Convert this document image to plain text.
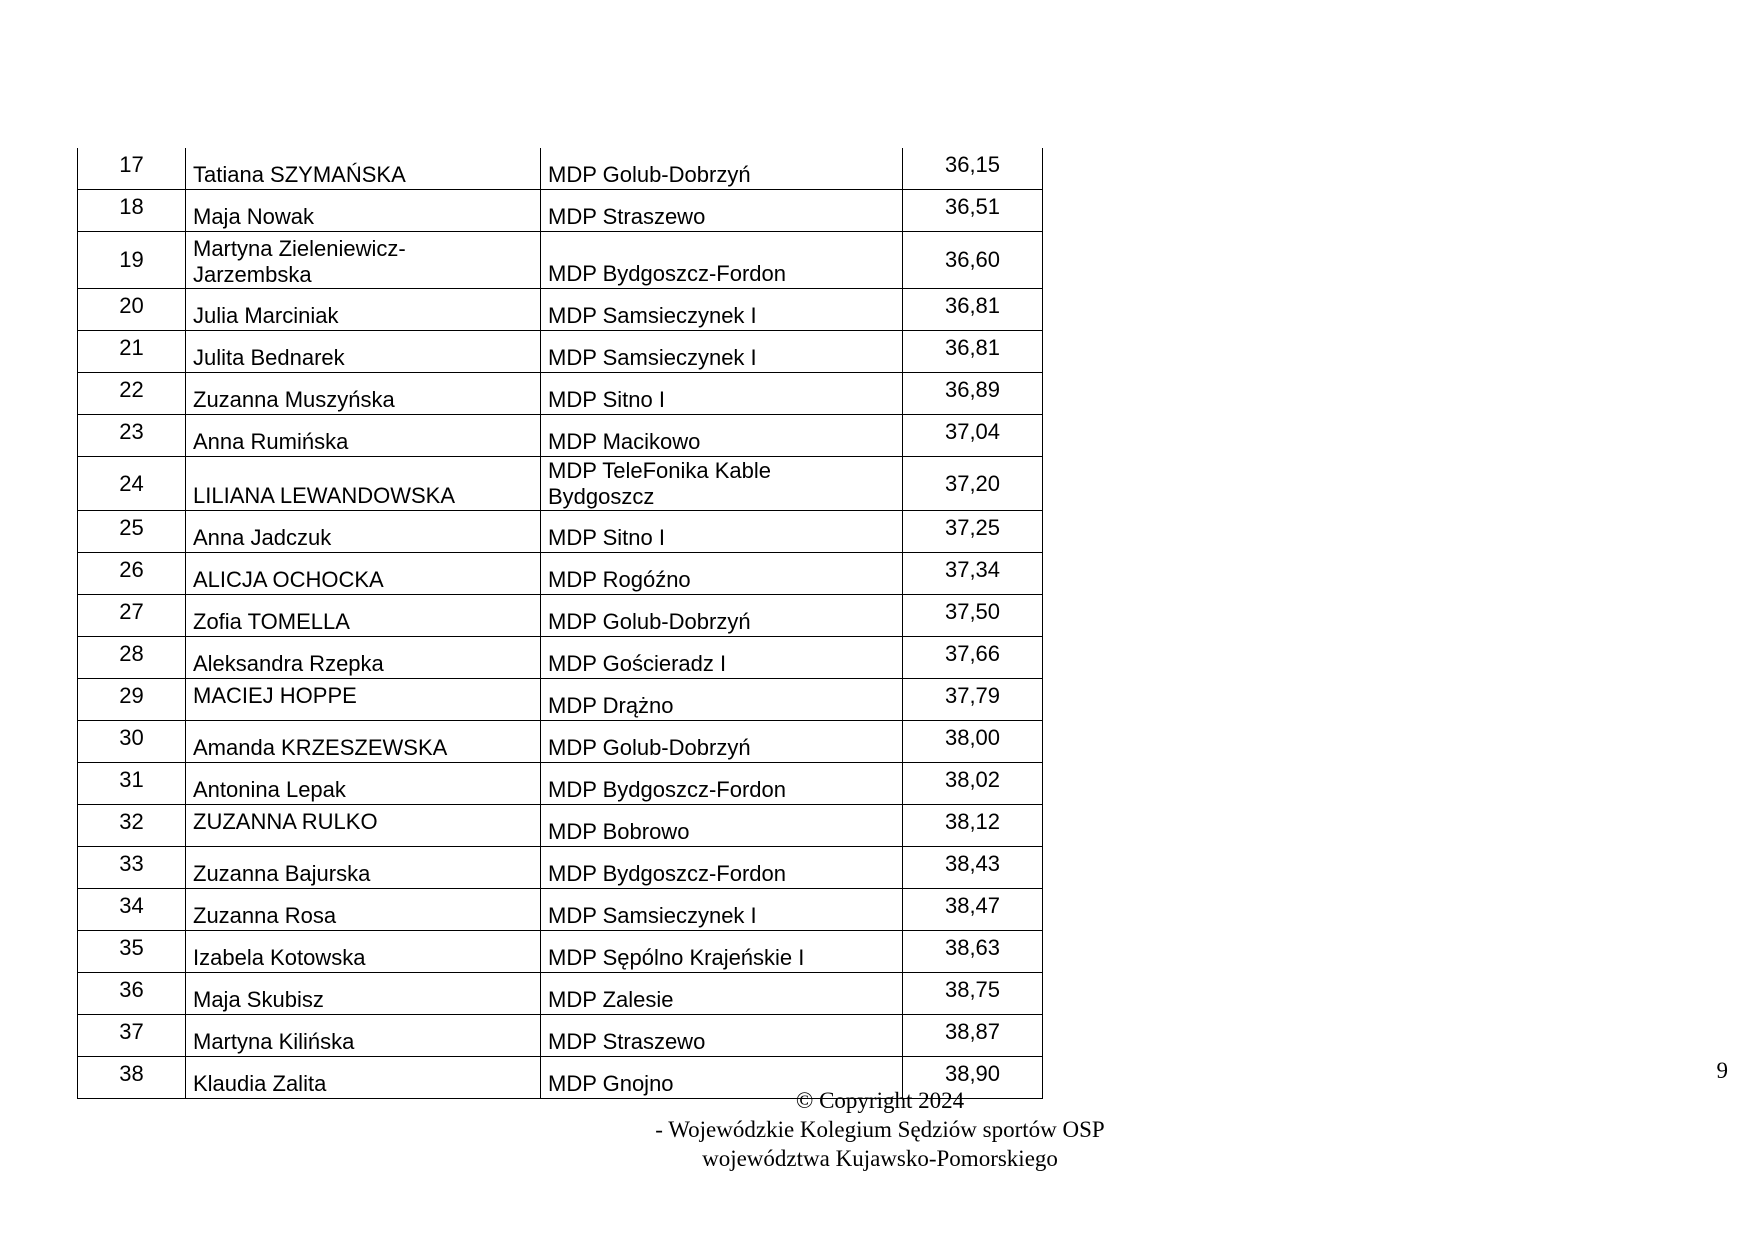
17	Tatiana SZYMAŃSKA	MDP Golub-Dobrzyń	36,15
18	Maja Nowak	MDP Straszewo	36,51
19	Martyna Zieleniewicz-
Jarzembska	MDP Bydgoszcz-Fordon	36,60
20	Julia Marciniak	MDP Samsieczynek I	36,81
21	Julita Bednarek	MDP Samsieczynek I	36,81
22	Zuzanna Muszyńska	MDP Sitno I	36,89
23	Anna Rumińska	MDP Macikowo	37,04
24	LILIANA LEWANDOWSKA	MDP TeleFonika Kable
Bydgoszcz	37,20
25	Anna Jadczuk	MDP Sitno I	37,25
26	ALICJA OCHOCKA	MDP Rogóźno	37,34
27	Zofia TOMELLA	MDP Golub-Dobrzyń	37,50
28	Aleksandra Rzepka	MDP Gościeradz I	37,66
29	MACIEJ HOPPE	MDP Drążno	37,79
30	Amanda KRZESZEWSKA	MDP Golub-Dobrzyń	38,00
31	Antonina Lepak	MDP Bydgoszcz-Fordon	38,02
32	ZUZANNA RULKO	MDP Bobrowo	38,12
33	Zuzanna Bajurska	MDP Bydgoszcz-Fordon	38,43
34	Zuzanna Rosa	MDP Samsieczynek I	38,47
35	Izabela Kotowska	MDP Sępólno Krajeńskie I	38,63
36	Maja Skubisz	MDP Zalesie	38,75
37	Martyna Kilińska	MDP Straszewo	38,87
38	Klaudia Zalita	MDP Gnojno	38,90	9
© Copyright 2024
- Wojewódzkie Kolegium Sędziów sportów OSP
województwa Kujawsko-Pomorskiego
